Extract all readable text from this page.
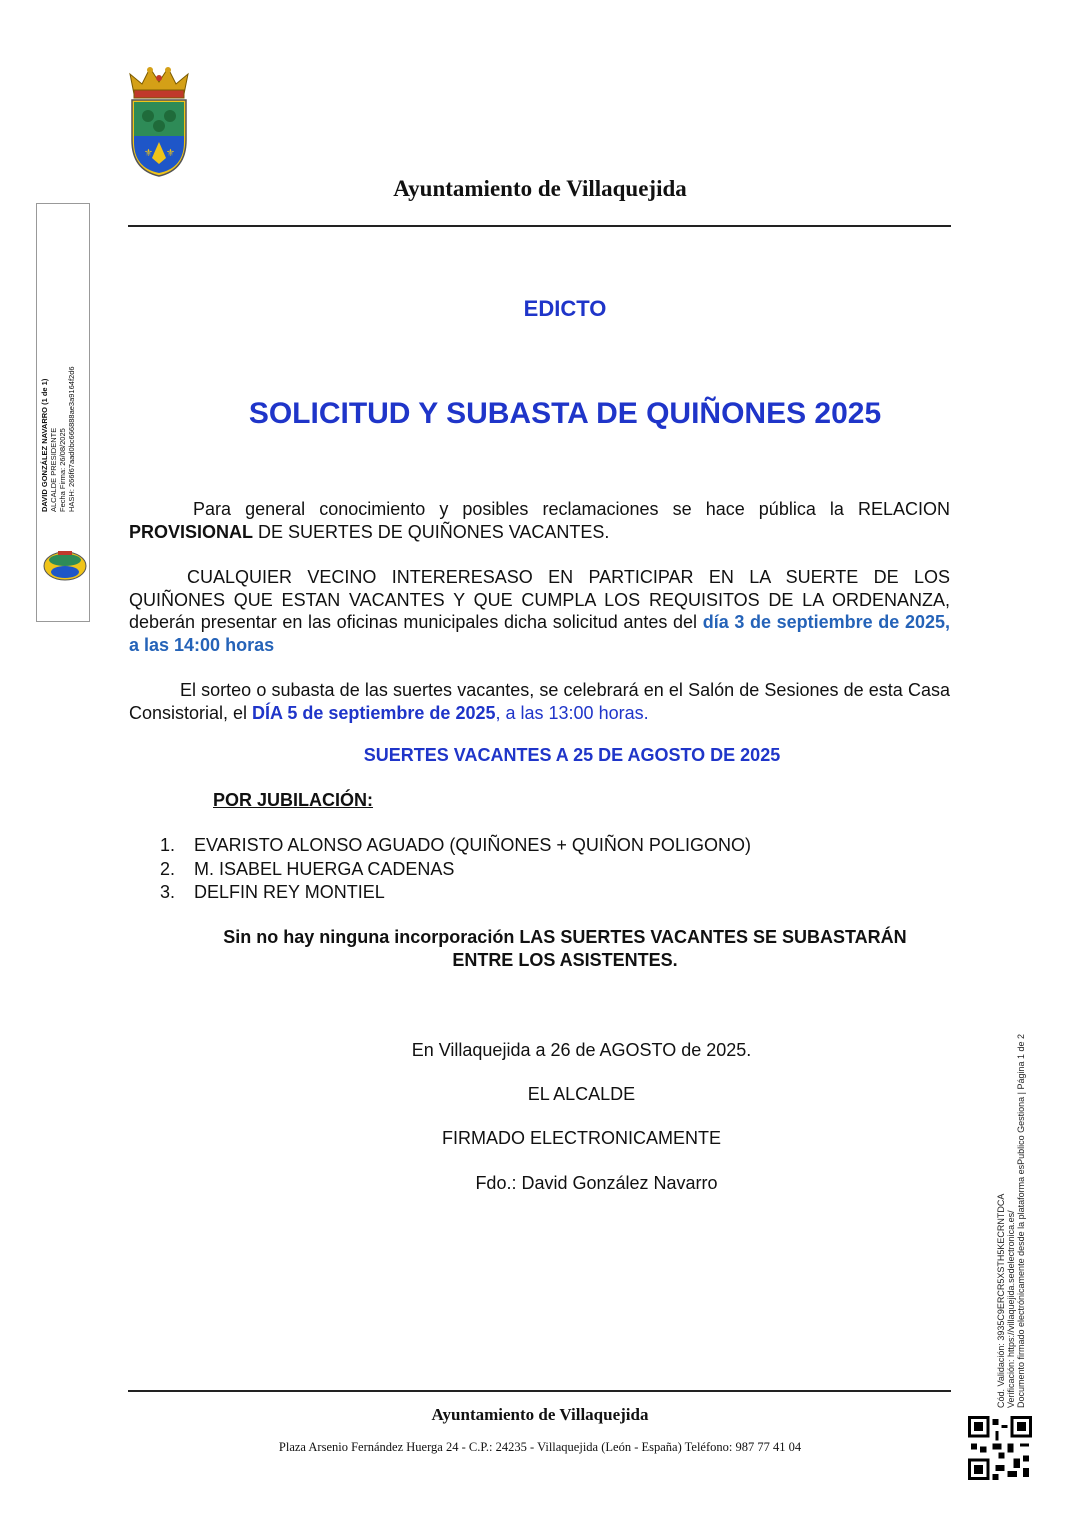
⚜ ⚜
Ayuntamiento de Villaquejida
DAVID GONZÁLEZ NAVARRO (1 de 1) ALCALDE PRESIDENTE Fecha Firma: 26/08/2025 HASH: 266f67aad0bc666888ae3a9164f2d6
EDICTO
SOLICITUD Y SUBASTA DE QUIÑONES 2025
Para general conocimiento y posibles reclamaciones se hace pública la RELACION PROVISIONAL DE SUERTES DE QUIÑONES VACANTES.
CUALQUIER VECINO INTERERESASO EN PARTICIPAR EN LA SUERTE DE LOS QUIÑONES QUE ESTAN VACANTES Y QUE CUMPLA LOS REQUISITOS DE LA ORDENANZA, deberán presentar en las oficinas municipales dicha solicitud antes del día 3 de septiembre de 2025, a las 14:00 horas
El sorteo o subasta de las suertes vacantes, se celebrará en el Salón de Sesiones de esta Casa Consistorial, el DÍA 5 de septiembre de 2025, a las 13:00 horas.
SUERTES VACANTES A 25 DE AGOSTO DE 2025
POR JUBILACIÓN:
1.	EVARISTO ALONSO AGUADO (QUIÑONES + QUIÑON POLIGONO)
2.	M. ISABEL HUERGA CADENAS
3.	DELFIN REY MONTIEL
Sin no hay ninguna incorporación LAS SUERTES VACANTES SE SUBASTARÁN
ENTRE LOS ASISTENTES.
En Villaquejida a 26 de AGOSTO de 2025.
EL ALCALDE
FIRMADO ELECTRONICAMENTE
Fdo.: David González Navarro
Cód. Validación: 3935C9ERCR5XSTH5KECRNTDCA Verificación: https://villaquejida.sedelectronica.es/ Documento firmado electrónicamente desde la plataforma esPublico Gestiona | Página 1 de 2
Ayuntamiento de Villaquejida
Plaza Arsenio Fernández Huerga 24 - C.P.: 24235 - Villaquejida (León - España) Teléfono: 987 77 41 04
